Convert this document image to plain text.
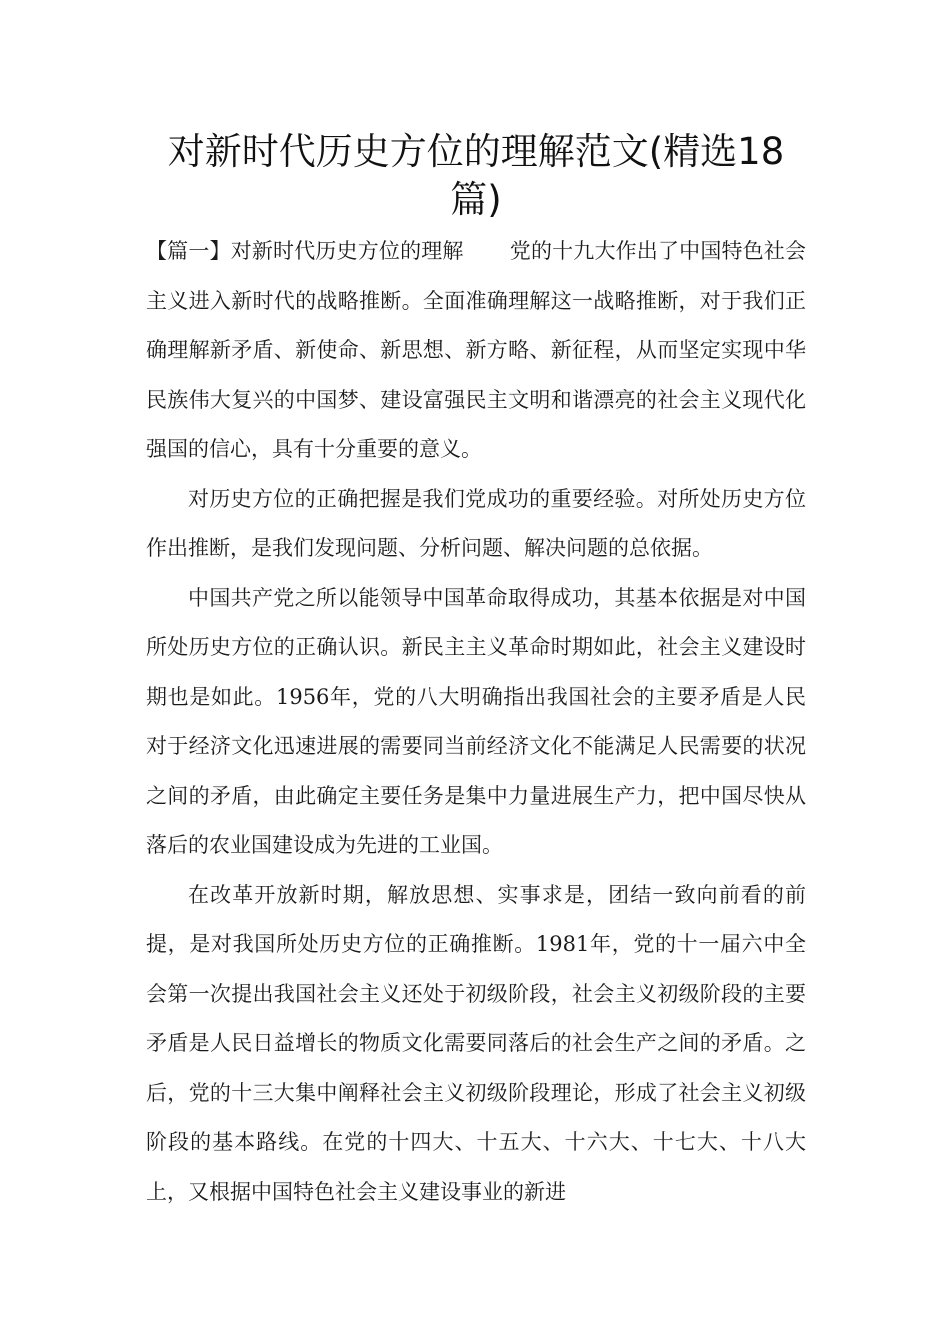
对新时代历史方位的理解范文(精选18篇)

【篇一】对新时代历史方位的理解 党的十九大作出了中国特色社会主义进入新时代的战略推断。全面准确理解这一战略推断，对于我们正确理解新矛盾、新使命、新思想、新方略、新征程，从而坚定实现中华民族伟大复兴的中国梦、建设富强民主文明和谐漂亮的社会主义现代化强国的信心，具有十分重要的意义。

对历史方位的正确把握是我们党成功的重要经验。对所处历史方位作出推断，是我们发现问题、分析问题、解决问题的总依据。

中国共产党之所以能领导中国革命取得成功，其基本依据是对中国所处历史方位的正确认识。新民主主义革命时期如此，社会主义建设时期也是如此。1956年，党的八大明确指出我国社会的主要矛盾是人民对于经济文化迅速进展的需要同当前经济文化不能满足人民需要的状况之间的矛盾，由此确定主要任务是集中力量进展生产力，把中国尽快从落后的农业国建设成为先进的工业国。

在改革开放新时期，解放思想、实事求是，团结一致向前看的前提，是对我国所处历史方位的正确推断。1981年，党的十一届六中全会第一次提出我国社会主义还处于初级阶段，社会主义初级阶段的主要矛盾是人民日益增长的物质文化需要同落后的社会生产之间的矛盾。之后，党的十三大集中阐释社会主义初级阶段理论，形成了社会主义初级阶段的基本路线。在党的十四大、十五大、十六大、十七大、十八大上，又根据中国特色社会主义建设事业的新进
